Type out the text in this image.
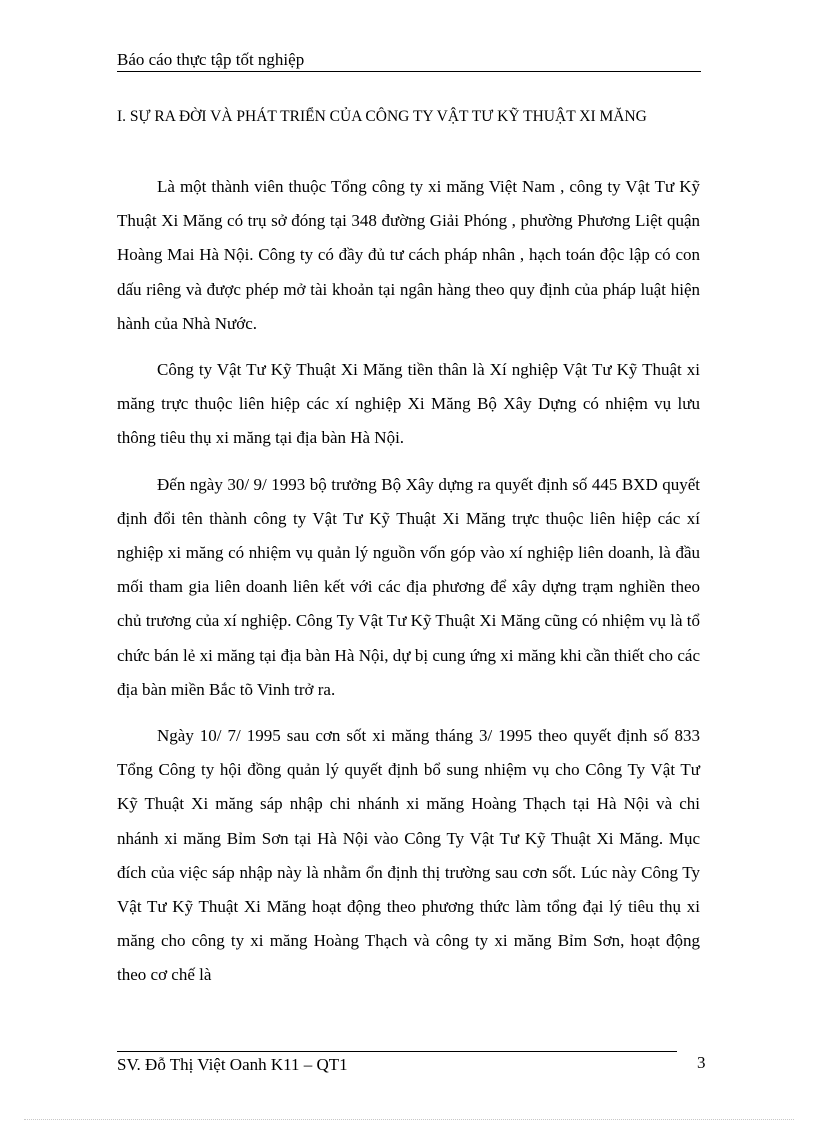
Báo cáo thực tập tốt nghiệp
I. SỰ RA ĐỜI VÀ PHÁT TRIỂN CỦA CÔNG TY VẬT TƯ KỸ THUẬT XI MĂNG

Là một thành viên thuộc Tổng công ty xi măng Việt Nam , công ty Vật Tư Kỹ Thuật Xi Măng có trụ sở đóng tại 348 đường Giải Phóng , phường Phương Liệt quận Hoàng Mai Hà Nội. Công ty có đầy đủ tư cách pháp nhân , hạch toán độc lập có con dấu riêng và được phép mở tài khoản tại ngân hàng theo quy định của pháp luật hiện hành của Nhà Nước.

Công ty Vật Tư Kỹ Thuật Xi Măng tiền thân là Xí nghiệp Vật Tư Kỹ Thuật xi măng trực thuộc liên hiệp các xí nghiệp Xi Măng Bộ Xây Dựng có nhiệm vụ lưu thông tiêu thụ xi măng tại địa bàn Hà Nội.

Đến ngày 30/ 9/ 1993 bộ trưởng Bộ Xây dựng ra quyết định số 445 BXD quyết định đổi tên thành công ty Vật Tư Kỹ Thuật Xi Măng trực thuộc liên hiệp các xí nghiệp xi măng có nhiệm vụ quản lý nguồn vốn góp vào xí nghiệp liên doanh, là đầu mối tham gia liên doanh liên kết với các địa phương để xây dựng trạm nghiền theo chủ trương của xí nghiệp. Công Ty Vật Tư Kỹ Thuật Xi Măng cũng có nhiệm vụ là tổ chức bán lẻ xi măng tại địa bàn Hà Nội, dự bị cung ứng xi măng khi cần thiết cho các địa bàn miền Bắc tõ Vinh trở ra.

Ngày 10/ 7/ 1995 sau cơn sốt xi măng tháng 3/ 1995 theo quyết định số 833 Tổng Công ty hội đồng quản lý quyết định bổ sung nhiệm vụ cho Công Ty Vật Tư Kỹ Thuật Xi măng sáp nhập chi nhánh xi măng Hoàng Thạch tại Hà Nội và chi nhánh xi măng Bỉm Sơn tại Hà Nội vào Công Ty Vật Tư Kỹ Thuật Xi Măng. Mục đích của việc sáp nhập này là nhằm ổn định thị trường sau cơn sốt. Lúc này Công Ty Vật Tư Kỹ Thuật Xi Măng hoạt động theo phương thức làm tổng đại lý tiêu thụ xi măng cho công ty xi măng Hoàng Thạch và công ty xi măng Bỉm Sơn, hoạt động theo cơ chế là

SV. Đỗ Thị Việt Oanh K11 – QT1	3
